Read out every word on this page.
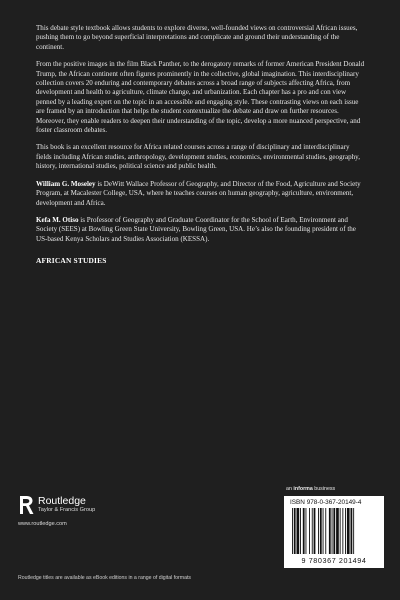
This debate style textbook allows students to explore diverse, well-founded views on controversial African issues, pushing them to go beyond superficial interpretations and complicate and ground their understanding of the continent.

From the positive images in the film Black Panther, to the derogatory remarks of former American President Donald Trump, the African continent often figures prominently in the collective, global imagination. This interdisciplinary collection covers 20 enduring and contemporary debates across a broad range of subjects affecting Africa, from development and health to agriculture, climate change, and urbanization. Each chapter has a pro and con view penned by a leading expert on the topic in an accessible and engaging style. These contrasting views on each issue are framed by an introduction that helps the student contextualize the debate and draw on further resources. Moreover, they enable readers to deepen their understanding of the topic, develop a more nuanced perspective, and foster classroom debates.

This book is an excellent resource for Africa related courses across a range of disciplinary and interdisciplinary fields including African studies, anthropology, development studies, economics, environmental studies, geography, history, international studies, political science and public health.

William G. Moseley is DeWitt Wallace Professor of Geography, and Director of the Food, Agriculture and Society Program, at Macalester College, USA, where he teaches courses on human geography, agriculture, environment, development and Africa.

Kefa M. Otiso is Professor of Geography and Graduate Coordinator for the School of Earth, Environment and Society (SEES) at Bowling Green State University, Bowling Green, USA. He’s also the founding president of the US-based Kenya Scholars and Studies Association (KESSA).

AFRICAN STUDIES
Routledge
Taylor & Francis Group
www.routledge.com
Routledge titles are available as eBook editions in a range of digital formats
an informa business
ISBN 978-0-367-20149-4
9 780367 201494
